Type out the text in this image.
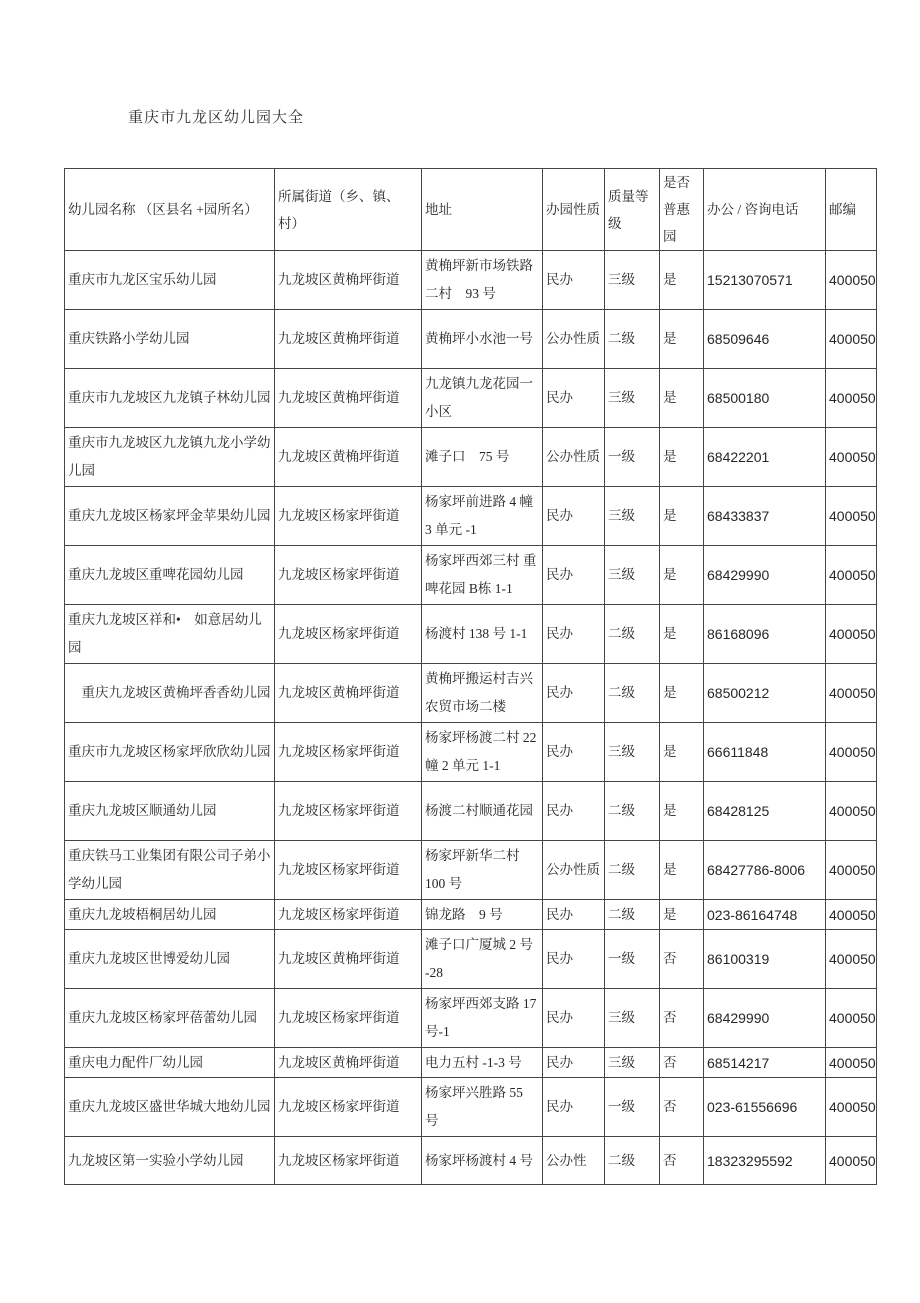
重庆市九龙区幼儿园大全
幼儿园名称 （区县名 +园所名）	所属街道（乡、镇、村）	地址	办园性质	质量等级	是否普惠园	办公 / 咨询电话	邮编
重庆市九龙区宝乐幼儿园	九龙坡区黄桷坪街道	黄桷坪新市场铁路二村　93 号	民办	三级	是	15213070571	400050
重庆铁路小学幼儿园	九龙坡区黄桷坪街道	黄桷坪小水池一号	公办性质	二级	是	68509646	400050
重庆市九龙坡区九龙镇子林幼儿园	九龙坡区黄桷坪街道	九龙镇九龙花园一小区	民办	三级	是	68500180	400050
重庆市九龙坡区九龙镇九龙小学幼儿园	九龙坡区黄桷坪街道	滩子口　75 号	公办性质	一级	是	68422201	400050
重庆九龙坡区杨家坪金苹果幼儿园	九龙坡区杨家坪街道	杨家坪前进路 4 幢 3 单元 -1	民办	三级	是	68433837	400050
重庆九龙坡区重啤花园幼儿园	九龙坡区杨家坪街道	杨家坪西郊三村 重啤花园 B栋 1-1	民办	三级	是	68429990	400050
重庆九龙坡区祥和•　如意居幼儿园	九龙坡区杨家坪街道	杨渡村 138 号 1-1	民办	二级	是	86168096	400050
　重庆九龙坡区黄桷坪香香幼儿园	九龙坡区黄桷坪街道	黄桷坪搬运村吉兴农贸市场二楼	民办	二级	是	68500212	400050
重庆市九龙坡区杨家坪欣欣幼儿园	九龙坡区杨家坪街道	杨家坪杨渡二村 22 幢 2 单元 1-1	民办	三级	是	66611848	400050
重庆九龙坡区顺通幼儿园	九龙坡区杨家坪街道	杨渡二村顺通花园	民办	二级	是	68428125	400050
重庆铁马工业集团有限公司子弟小学幼儿园	九龙坡区杨家坪街道	杨家坪新华二村 100 号	公办性质	二级	是	68427786-8006	400050
重庆九龙坡梧桐居幼儿园	九龙坡区杨家坪街道	锦龙路　9 号	民办	二级	是	023-86164748	400050
重庆九龙坡区世博爱幼儿园	九龙坡区黄桷坪街道	滩子口广厦城 2 号 -28	民办	一级	否	86100319	400050
重庆九龙坡区杨家坪蓓蕾幼儿园	九龙坡区杨家坪街道	杨家坪西郊支路 17 号-1	民办	三级	否	68429990	400050
重庆电力配件厂幼儿园	九龙坡区黄桷坪街道	电力五村 -1-3 号	民办	三级	否	68514217	400050
重庆九龙坡区盛世华城大地幼儿园	九龙坡区杨家坪街道	杨家坪兴胜路 55 号	民办	一级	否	023-61556696	400050
九龙坡区第一实验小学幼儿园	九龙坡区杨家坪街道	杨家坪杨渡村 4 号	公办性	二级	否	18323295592	400050
